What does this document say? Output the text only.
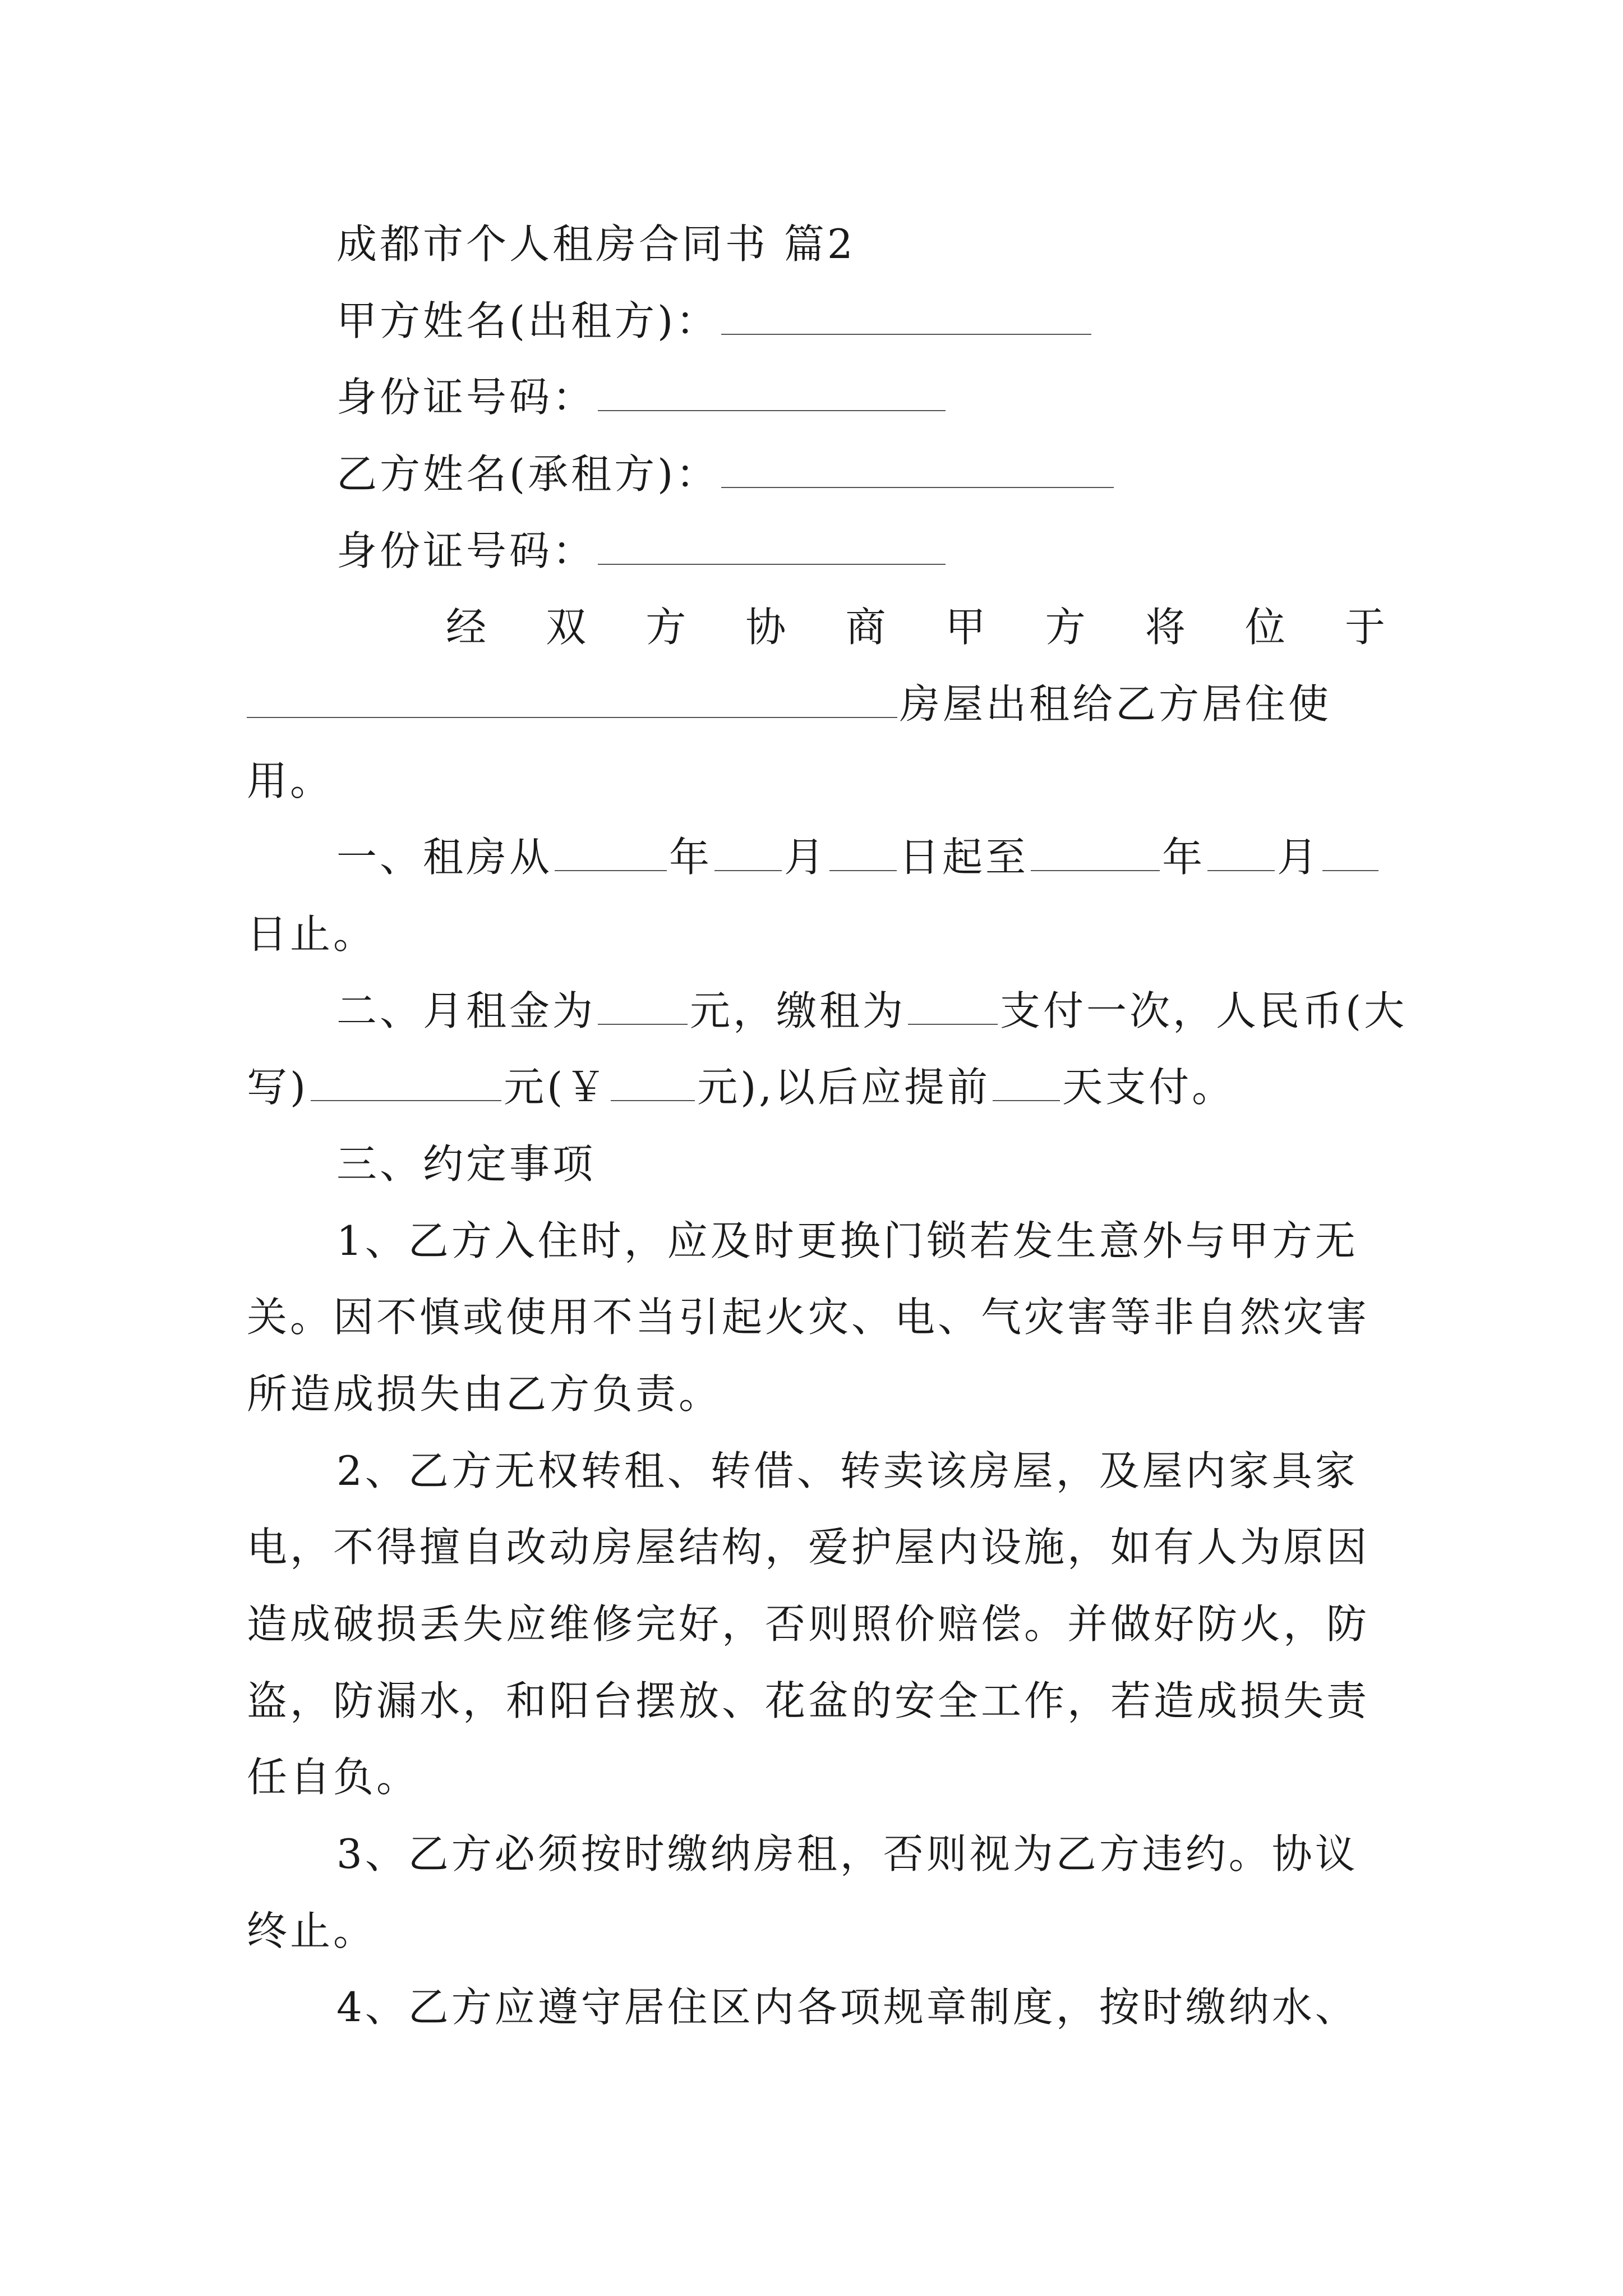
成都市个人租房合同书 篇2
甲方姓名(出租方)：
身份证号码：
乙方姓名(承租方)：
身份证号码：
经 双 方 协 商 甲 方 将 位 于
房屋出租给乙方居住使
用。
一、租房从	年 月 日起至	年 月
日止。
二、月租金为 元，缴租为 支付一次，人民币(大
写)	元(￥ 元),以后应提前 天支付。
三、约定事项
1、乙方入住时，应及时更换门锁若发生意外与甲方无
关。因不慎或使用不当引起火灾、电、气灾害等非自然灾害
所造成损失由乙方负责。
2、乙方无权转租、转借、转卖该房屋，及屋内家具家
电，不得擅自改动房屋结构，爱护屋内设施，如有人为原因
造成破损丢失应维修完好，否则照价赔偿。并做好防火，防
盗，防漏水，和阳台摆放、花盆的安全工作，若造成损失责
任自负。
3、乙方必须按时缴纳房租，否则视为乙方违约。协议
终止。
4、乙方应遵守居住区内各项规章制度，按时缴纳水、
